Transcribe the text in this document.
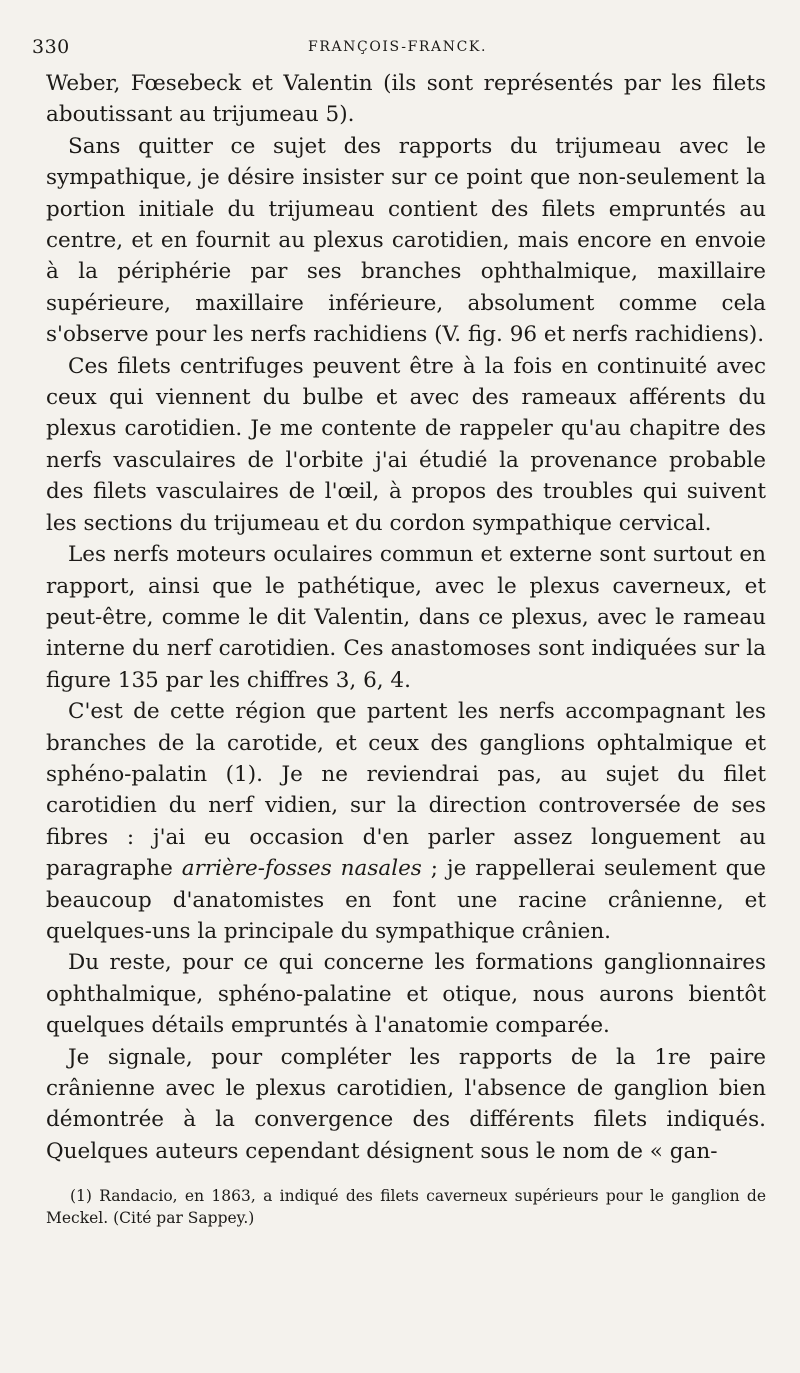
330	FRANÇOIS-FRANCK.

Weber, Fœsebeck et Valentin (ils sont représentés par les filets aboutissant au trijumeau 5).

Sans quitter ce sujet des rapports du trijumeau avec le sympathique, je désire insister sur ce point que non-seulement la portion initiale du trijumeau contient des filets empruntés au centre, et en fournit au plexus carotidien, mais encore en envoie à la périphérie par ses branches ophthalmique, maxillaire supérieure, maxillaire inférieure, absolument comme cela s'observe pour les nerfs rachidiens (V. fig. 96 et nerfs rachidiens).

Ces filets centrifuges peuvent être à la fois en continuité avec ceux qui viennent du bulbe et avec des rameaux afférents du plexus carotidien. Je me contente de rappeler qu'au chapitre des nerfs vasculaires de l'orbite j'ai étudié la provenance probable des filets vasculaires de l'œil, à propos des troubles qui suivent les sections du trijumeau et du cordon sympathique cervical.

Les nerfs moteurs oculaires commun et externe sont surtout en rapport, ainsi que le pathétique, avec le plexus caverneux, et peut-être, comme le dit Valentin, dans ce plexus, avec le rameau interne du nerf carotidien. Ces anastomoses sont indiquées sur la figure 135 par les chiffres 3, 6, 4.

C'est de cette région que partent les nerfs accompagnant les branches de la carotide, et ceux des ganglions ophtalmique et sphéno-palatin (1). Je ne reviendrai pas, au sujet du filet carotidien du nerf vidien, sur la direction controversée de ses fibres : j'ai eu occasion d'en parler assez longuement au paragraphe arrière-fosses nasales ; je rappellerai seulement que beaucoup d'anatomistes en font une racine crânienne, et quelques-uns la principale du sympathique crânien.

Du reste, pour ce qui concerne les formations ganglionnaires ophthalmique, sphéno-palatine et otique, nous aurons bientôt quelques détails empruntés à l'anatomie comparée.

Je signale, pour compléter les rapports de la 1re paire crânienne avec le plexus carotidien, l'absence de ganglion bien démontrée à la convergence des différents filets indiqués. Quelques auteurs cependant désignent sous le nom de « gan-

(1) Randacio, en 1863, a indiqué des filets caverneux supérieurs pour le ganglion de Meckel. (Cité par Sappey.)
